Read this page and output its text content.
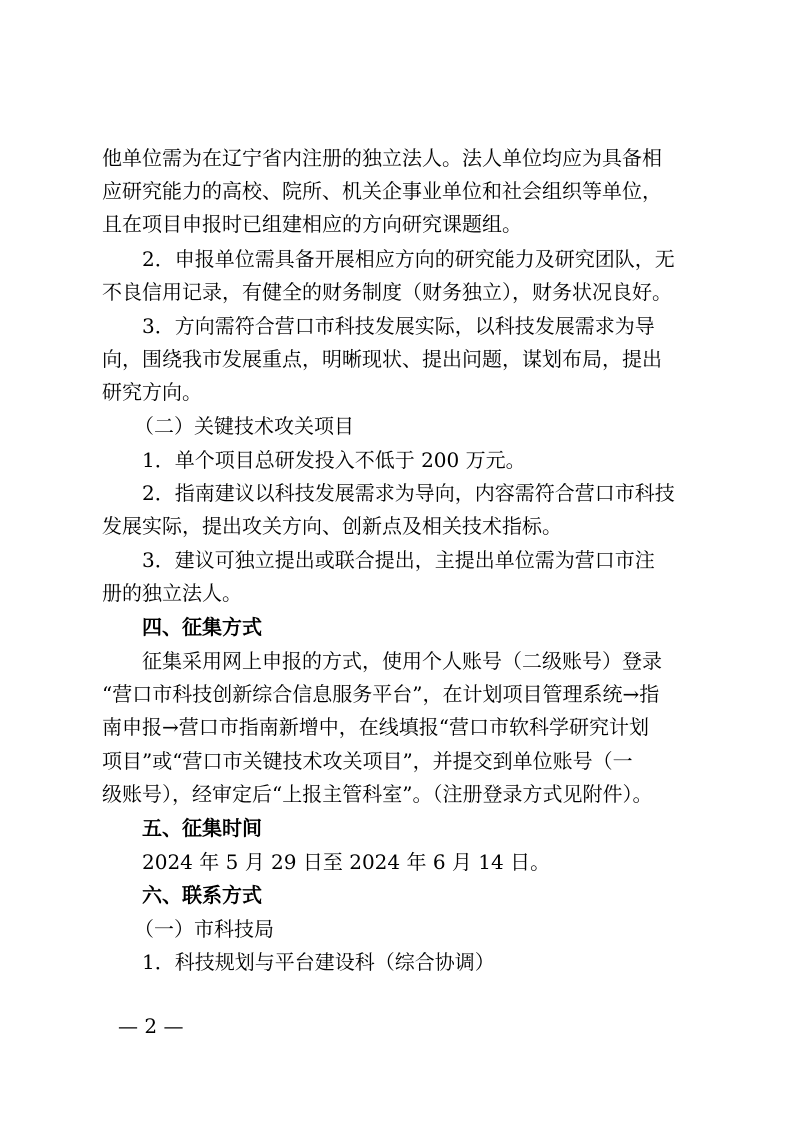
他单位需为在辽宁省内注册的独立法人。法人单位均应为具备相
应研究能力的高校、院所、机关企事业单位和社会组织等单位，
且在项目申报时已组建相应的方向研究课题组。
2．申报单位需具备开展相应方向的研究能力及研究团队，无
不良信用记录，有健全的财务制度（财务独立），财务状况良好。
3．方向需符合营口市科技发展实际，以科技发展需求为导
向，围绕我市发展重点，明晰现状、提出问题，谋划布局，提出
研究方向。
（二）关键技术攻关项目
1．单个项目总研发投入不低于 200 万元。
2．指南建议以科技发展需求为导向，内容需符合营口市科技
发展实际，提出攻关方向、创新点及相关技术指标。
3．建议可独立提出或联合提出，主提出单位需为营口市注
册的独立法人。
四、征集方式
征集采用网上申报的方式，使用个人账号（二级账号）登录
“营口市科技创新综合信息服务平台”，在计划项目管理系统→指
南申报→营口市指南新增中，在线填报“营口市软科学研究计划
项目”或“营口市关键技术攻关项目”，并提交到单位账号（一
级账号），经审定后“上报主管科室”。（注册登录方式见附件）。
五、征集时间
2024 年 5 月 29 日至 2024 年 6 月 14 日。
六、联系方式
（一）市科技局
1．科技规划与平台建设科（综合协调）
— 2 —
